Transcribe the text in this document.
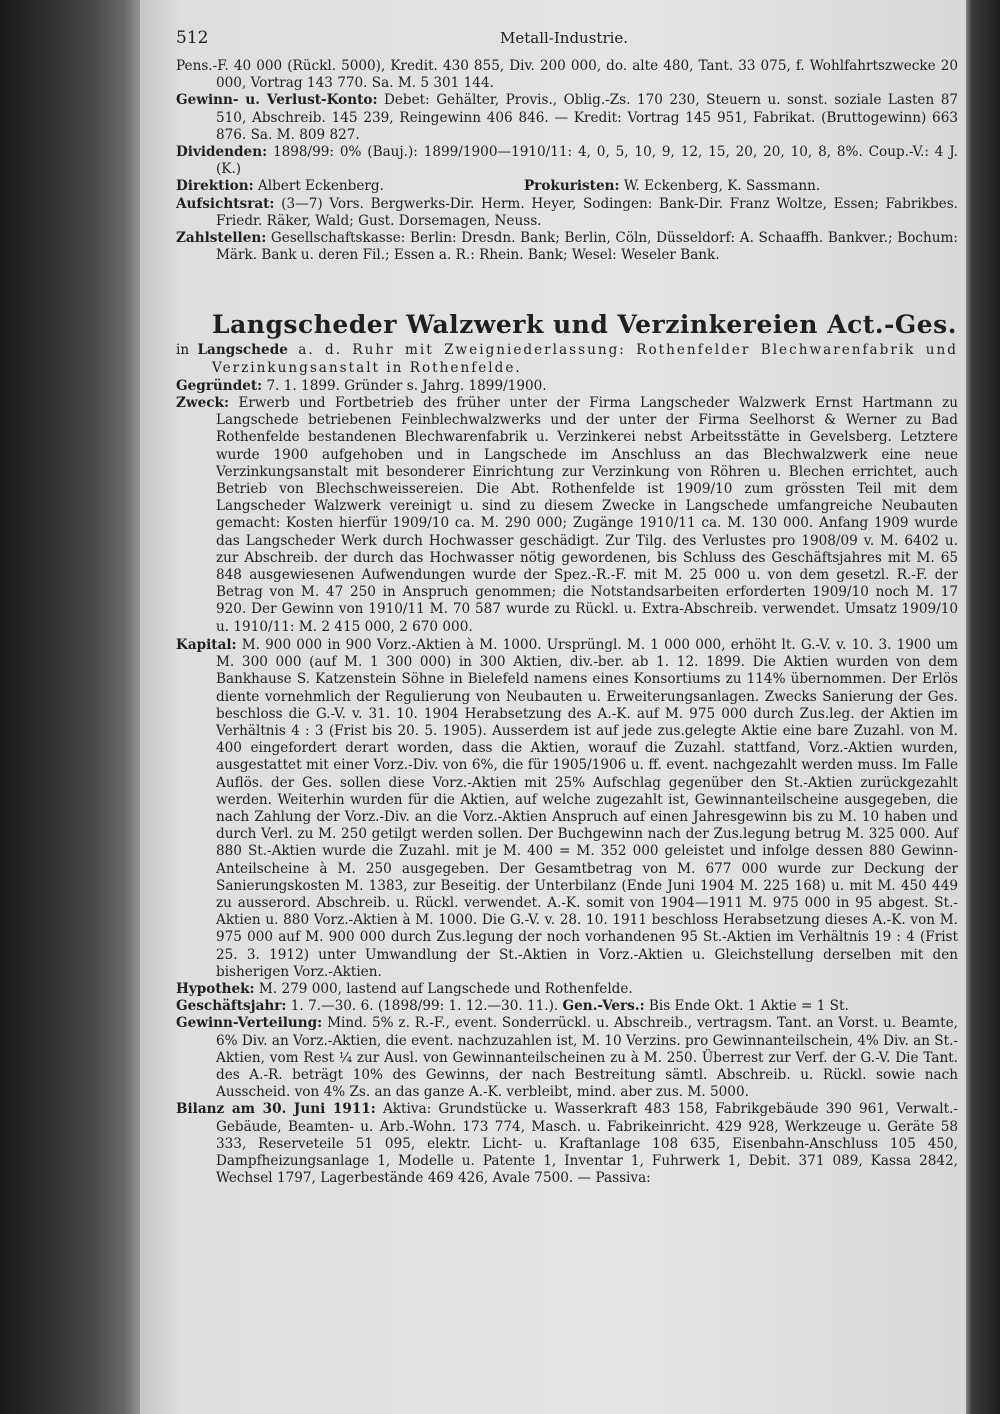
512	Metall-Industrie.

Pens.-F. 40 000 (Rückl. 5000), Kredit. 430 855, Div. 200 000, do. alte 480, Tant. 33 075, f. Wohlfahrtszwecke 20 000, Vortrag 143 770. Sa. M. 5 301 144.

Gewinn- u. Verlust-Konto: Debet: Gehälter, Provis., Oblig.-Zs. 170 230, Steuern u. sonst. soziale Lasten 87 510, Abschreib. 145 239, Reingewinn 406 846. — Kredit: Vortrag 145 951, Fabrikat. (Bruttogewinn) 663 876. Sa. M. 809 827.

Dividenden: 1898/99: 0% (Bauj.): 1899/1900—1910/11: 4, 0, 5, 10, 9, 12, 15, 20, 20, 10, 8, 8%. Coup.-V.: 4 J. (K.)

Direktion: Albert Eckenberg.	Prokuristen: W. Eckenberg, K. Sassmann.

Aufsichtsrat: (3—7) Vors. Bergwerks-Dir. Herm. Heyer, Sodingen: Bank-Dir. Franz Woltze, Essen; Fabrikbes. Friedr. Räker, Wald; Gust. Dorsemagen, Neuss.

Zahlstellen: Gesellschaftskasse: Berlin: Dresdn. Bank; Berlin, Cöln, Düsseldorf: A. Schaaffh. Bankver.; Bochum: Märk. Bank u. deren Fil.; Essen a. R.: Rhein. Bank; Wesel: Weseler Bank.

Langscheder Walzwerk und Verzinkereien Act.-Ges.

in Langschede a. d. Ruhr mit Zweigniederlassung: Rothenfelder Blechwarenfabrik und Verzinkungsanstalt in Rothenfelde.

Gegründet: 7. 1. 1899. Gründer s. Jahrg. 1899/1900.

Zweck: Erwerb und Fortbetrieb des früher unter der Firma Langscheder Walzwerk Ernst Hartmann zu Langschede betriebenen Feinblechwalzwerks und der unter der Firma Seelhorst & Werner zu Bad Rothenfelde bestandenen Blechwarenfabrik u. Verzinkerei nebst Arbeitsstätte in Gevelsberg. Letztere wurde 1900 aufgehoben und in Langschede im Anschluss an das Blechwalzwerk eine neue Verzinkungsanstalt mit besonderer Einrichtung zur Verzinkung von Röhren u. Blechen errichtet, auch Betrieb von Blechschweissereien. Die Abt. Rothenfelde ist 1909/10 zum grössten Teil mit dem Langscheder Walzwerk vereinigt u. sind zu diesem Zwecke in Langschede umfangreiche Neubauten gemacht: Kosten hierfür 1909/10 ca. M. 290 000; Zugänge 1910/11 ca. M. 130 000. Anfang 1909 wurde das Langscheder Werk durch Hochwasser geschädigt. Zur Tilg. des Verlustes pro 1908/09 v. M. 6402 u. zur Abschreib. der durch das Hochwasser nötig gewordenen, bis Schluss des Geschäftsjahres mit M. 65 848 ausgewiesenen Aufwendungen wurde der Spez.-R.-F. mit M. 25 000 u. von dem gesetzl. R.-F. der Betrag von M. 47 250 in Anspruch genommen; die Notstandsarbeiten erforderten 1909/10 noch M. 17 920. Der Gewinn von 1910/11 M. 70 587 wurde zu Rückl. u. Extra-Abschreib. verwendet. Umsatz 1909/10 u. 1910/11: M. 2 415 000, 2 670 000.

Kapital: M. 900 000 in 900 Vorz.-Aktien à M. 1000. Ursprüngl. M. 1 000 000, erhöht lt. G.-V. v. 10. 3. 1900 um M. 300 000 (auf M. 1 300 000) in 300 Aktien, div.-ber. ab 1. 12. 1899. Die Aktien wurden von dem Bankhause S. Katzenstein Söhne in Bielefeld namens eines Konsortiums zu 114% übernommen. Der Erlös diente vornehmlich der Regulierung von Neubauten u. Erweiterungsanlagen. Zwecks Sanierung der Ges. beschloss die G.-V. v. 31. 10. 1904 Herabsetzung des A.-K. auf M. 975 000 durch Zus.leg. der Aktien im Verhältnis 4 : 3 (Frist bis 20. 5. 1905). Ausserdem ist auf jede zus.gelegte Aktie eine bare Zuzahl. von M. 400 eingefordert derart worden, dass die Aktien, worauf die Zuzahl. stattfand, Vorz.-Aktien wurden, ausgestattet mit einer Vorz.-Div. von 6%, die für 1905/1906 u. ff. event. nachgezahlt werden muss. Im Falle Auflös. der Ges. sollen diese Vorz.-Aktien mit 25% Aufschlag gegenüber den St.-Aktien zurückgezahlt werden. Weiterhin wurden für die Aktien, auf welche zugezahlt ist, Gewinnanteilscheine ausgegeben, die nach Zahlung der Vorz.-Div. an die Vorz.-Aktien Anspruch auf einen Jahresgewinn bis zu M. 10 haben und durch Verl. zu M. 250 getilgt werden sollen. Der Buchgewinn nach der Zus.legung betrug M. 325 000. Auf 880 St.-Aktien wurde die Zuzahl. mit je M. 400 = M. 352 000 geleistet und infolge dessen 880 Gewinn-Anteilscheine à M. 250 ausgegeben. Der Gesamtbetrag von M. 677 000 wurde zur Deckung der Sanierungskosten M. 1383, zur Beseitig. der Unterbilanz (Ende Juni 1904 M. 225 168) u. mit M. 450 449 zu ausserord. Abschreib. u. Rückl. verwendet. A.-K. somit von 1904—1911 M. 975 000 in 95 abgest. St.-Aktien u. 880 Vorz.-Aktien à M. 1000. Die G.-V. v. 28. 10. 1911 beschloss Herabsetzung dieses A.-K. von M. 975 000 auf M. 900 000 durch Zus.legung der noch vorhandenen 95 St.-Aktien im Verhältnis 19 : 4 (Frist 25. 3. 1912) unter Umwandlung der St.-Aktien in Vorz.-Aktien u. Gleichstellung derselben mit den bisherigen Vorz.-Aktien.

Hypothek: M. 279 000, lastend auf Langschede und Rothenfelde.

Geschäftsjahr: 1. 7.—30. 6. (1898/99: 1. 12.—30. 11.). Gen.-Vers.: Bis Ende Okt. 1 Aktie = 1 St.

Gewinn-Verteilung: Mind. 5% z. R.-F., event. Sonderrückl. u. Abschreib., vertragsm. Tant. an Vorst. u. Beamte, 6% Div. an Vorz.-Aktien, die event. nachzuzahlen ist, M. 10 Verzins. pro Gewinnanteilschein, 4% Div. an St.-Aktien, vom Rest ¼ zur Ausl. von Gewinnanteilscheinen zu à M. 250. Überrest zur Verf. der G.-V. Die Tant. des A.-R. beträgt 10% des Gewinns, der nach Bestreitung sämtl. Abschreib. u. Rückl. sowie nach Ausscheid. von 4% Zs. an das ganze A.-K. verbleibt, mind. aber zus. M. 5000.

Bilanz am 30. Juni 1911: Aktiva: Grundstücke u. Wasserkraft 483 158, Fabrikgebäude 390 961, Verwalt.-Gebäude, Beamten- u. Arb.-Wohn. 173 774, Masch. u. Fabrikeinricht. 429 928, Werkzeuge u. Geräte 58 333, Reserveteile 51 095, elektr. Licht- u. Kraftanlage 108 635, Eisenbahn-Anschluss 105 450, Dampfheizungsanlage 1, Modelle u. Patente 1, Inventar 1, Fuhrwerk 1, Debit. 371 089, Kassa 2842, Wechsel 1797, Lagerbestände 469 426, Avale 7500. — Passiva:
